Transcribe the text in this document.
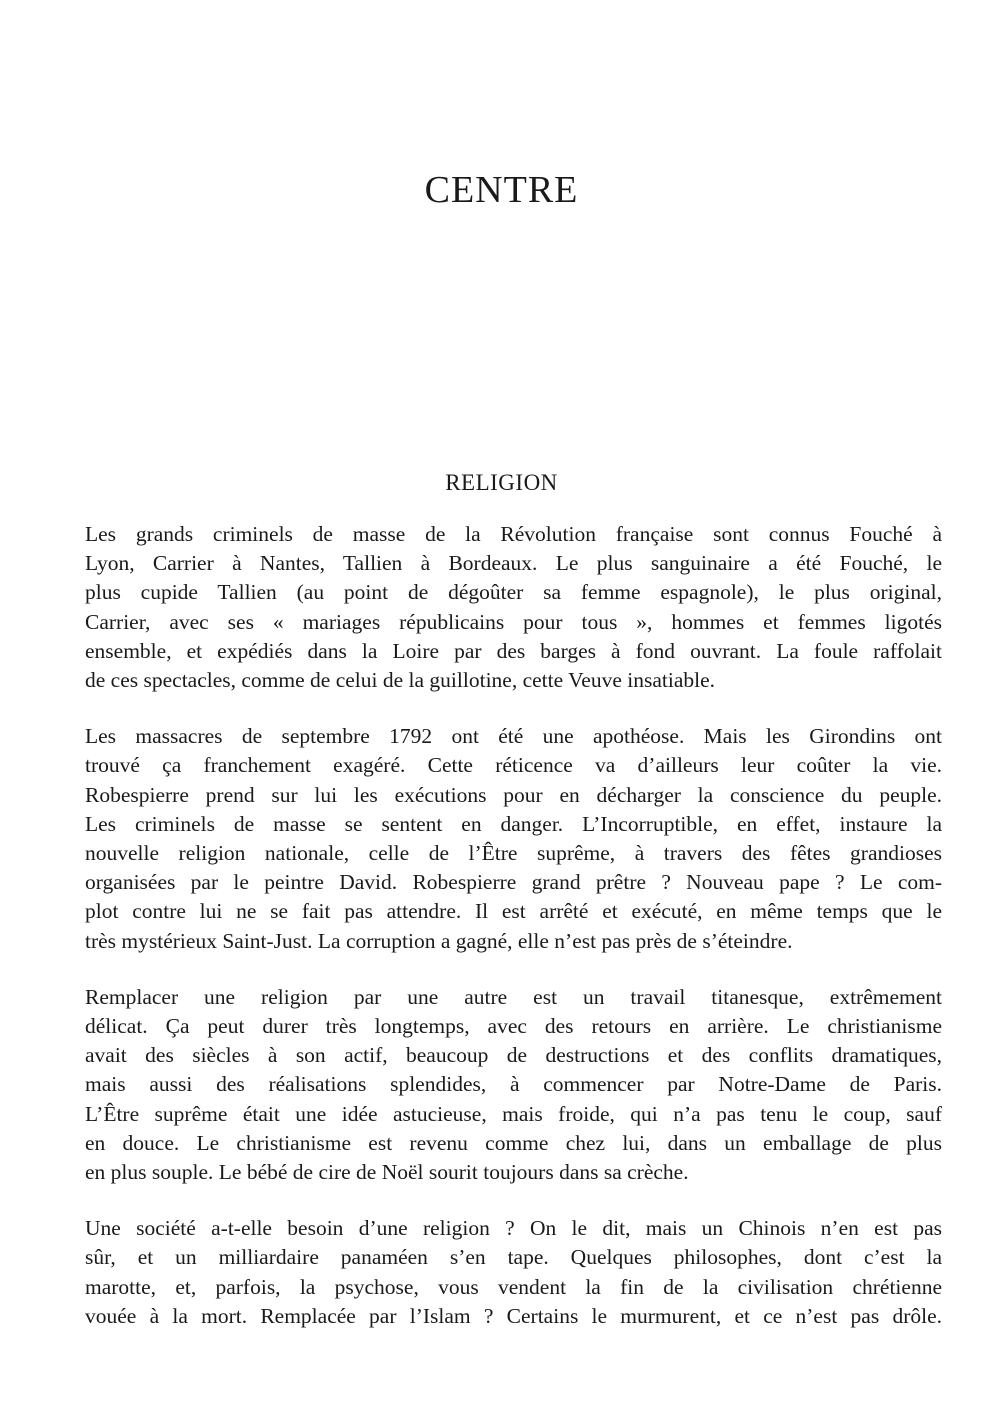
CENTRE
RELIGION

Les grands criminels de masse de la Révolution française sont connus Fouché à
Lyon, Carrier à Nantes, Tallien à Bordeaux. Le plus sanguinaire a été Fouché, le
plus cupide Tallien (au point de dégoûter sa femme espagnole), le plus original,
Carrier, avec ses « mariages républicains pour tous », hommes et femmes ligotés
ensemble, et expédiés dans la Loire par des barges à fond ouvrant. La foule raffolait
de ces spectacles, comme de celui de la guillotine, cette Veuve insatiable.

Les massacres de septembre 1792 ont été une apothéose. Mais les Girondins ont
trouvé ça franchement exagéré. Cette réticence va d’ailleurs leur coûter la vie.
Robespierre prend sur lui les exécutions pour en décharger la conscience du peuple.
Les criminels de masse se sentent en danger. L’Incorruptible, en effet, instaure la
nouvelle religion nationale, celle de l’Être suprême, à travers des fêtes grandioses
organisées par le peintre David. Robespierre grand prêtre ? Nouveau pape ? Le com-
plot contre lui ne se fait pas attendre. Il est arrêté et exécuté, en même temps que le
très mystérieux Saint-Just. La corruption a gagné, elle n’est pas près de s’éteindre.

Remplacer une religion par une autre est un travail titanesque, extrêmement
délicat. Ça peut durer très longtemps, avec des retours en arrière. Le christianisme
avait des siècles à son actif, beaucoup de destructions et des conflits dramatiques,
mais aussi des réalisations splendides, à commencer par Notre-Dame de Paris.
L’Être suprême était une idée astucieuse, mais froide, qui n’a pas tenu le coup, sauf
en douce. Le christianisme est revenu comme chez lui, dans un emballage de plus
en plus souple. Le bébé de cire de Noël sourit toujours dans sa crèche.

Une société a-t-elle besoin d’une religion ? On le dit, mais un Chinois n’en est pas
sûr, et un milliardaire panaméen s’en tape. Quelques philosophes, dont c’est la
marotte, et, parfois, la psychose, vous vendent la fin de la civilisation chrétienne
vouée à la mort. Remplacée par l’Islam ? Certains le murmurent, et ce n’est pas drôle.
